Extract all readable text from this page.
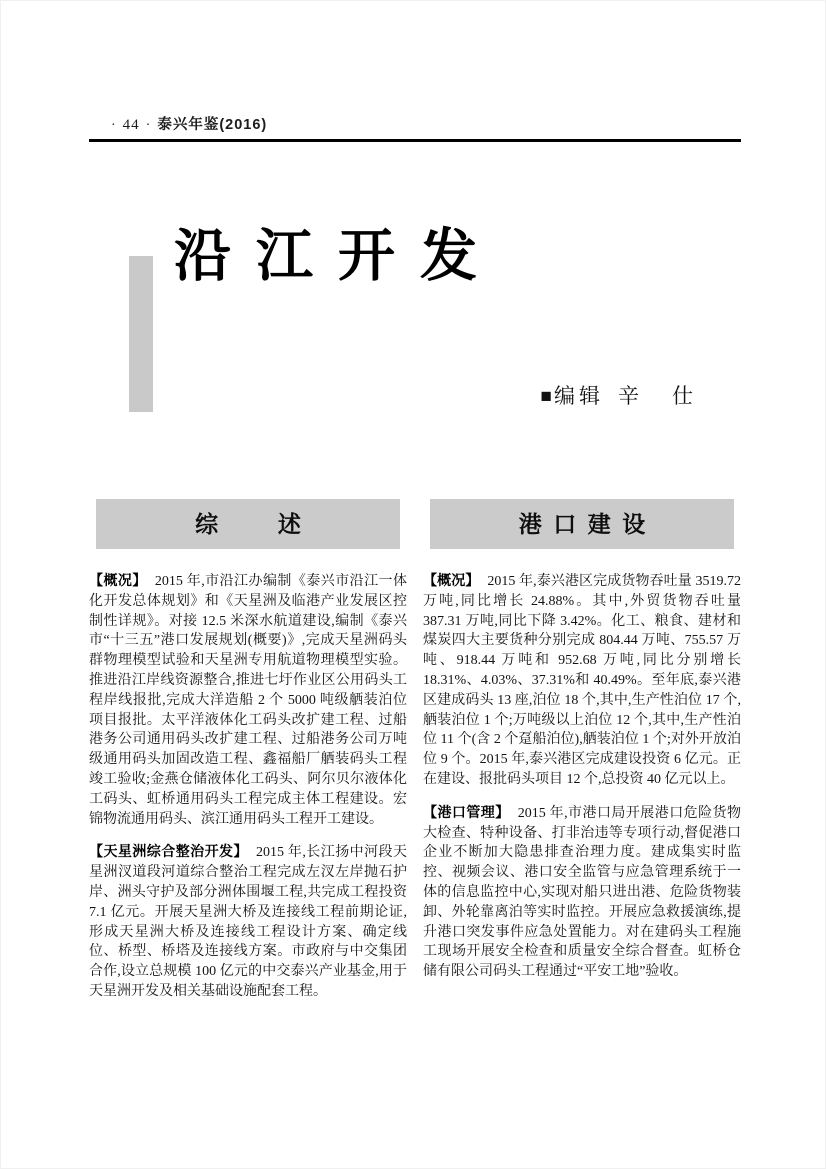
· 44 · 泰兴年鉴(2016)
沿江开发
■编辑 辛　仕
综述

【概况】 2015 年,市沿江办编制《泰兴市沿江一体化开发总体规划》和《天星洲及临港产业发展区控制性详规》。对接 12.5 米深水航道建设,编制《泰兴市“十三五”港口发展规划(概要)》,完成天星洲码头群物理模型试验和天星洲专用航道物理模型实验。推进沿江岸线资源整合,推进七圩作业区公用码头工程岸线报批,完成大洋造船 2 个 5000 吨级舾装泊位项目报批。太平洋液体化工码头改扩建工程、过船港务公司通用码头改扩建工程、过船港务公司万吨级通用码头加固改造工程、鑫福船厂舾装码头工程竣工验收;金燕仓储液体化工码头、阿尔贝尔液体化工码头、虹桥通用码头工程完成主体工程建设。宏锦物流通用码头、滨江通用码头工程开工建设。

【天星洲综合整治开发】 2015 年,长江扬中河段天星洲汊道段河道综合整治工程完成左汊左岸抛石护岸、洲头守护及部分洲体围堰工程,共完成工程投资 7.1 亿元。开展天星洲大桥及连接线工程前期论证,形成天星洲大桥及连接线工程设计方案、确定线位、桥型、桥塔及连接线方案。市政府与中交集团合作,设立总规模 100 亿元的中交泰兴产业基金,用于天星洲开发及相关基础设施配套工程。

港口建设

【概况】 2015 年,泰兴港区完成货物吞吐量 3519.72 万吨,同比增长 24.88%。其中,外贸货物吞吐量 387.31 万吨,同比下降 3.42%。化工、粮食、建材和煤炭四大主要货种分别完成 804.44 万吨、755.57 万吨、918.44 万吨和 952.68 万吨,同比分别增长 18.31%、4.03%、37.31%和 40.49%。至年底,泰兴港区建成码头 13 座,泊位 18 个,其中,生产性泊位 17 个,舾装泊位 1 个;万吨级以上泊位 12 个,其中,生产性泊位 11 个(含 2 个趸船泊位),舾装泊位 1 个;对外开放泊位 9 个。2015 年,泰兴港区完成建设投资 6 亿元。正在建设、报批码头项目 12 个,总投资 40 亿元以上。

【港口管理】 2015 年,市港口局开展港口危险货物大检查、特种设备、打非治违等专项行动,督促港口企业不断加大隐患排查治理力度。建成集实时监控、视频会议、港口安全监管与应急管理系统于一体的信息监控中心,实现对船只进出港、危险货物装卸、外轮靠离泊等实时监控。开展应急救援演练,提升港口突发事件应急处置能力。对在建码头工程施工现场开展安全检查和质量安全综合督查。虹桥仓储有限公司码头工程通过“平安工地”验收。
